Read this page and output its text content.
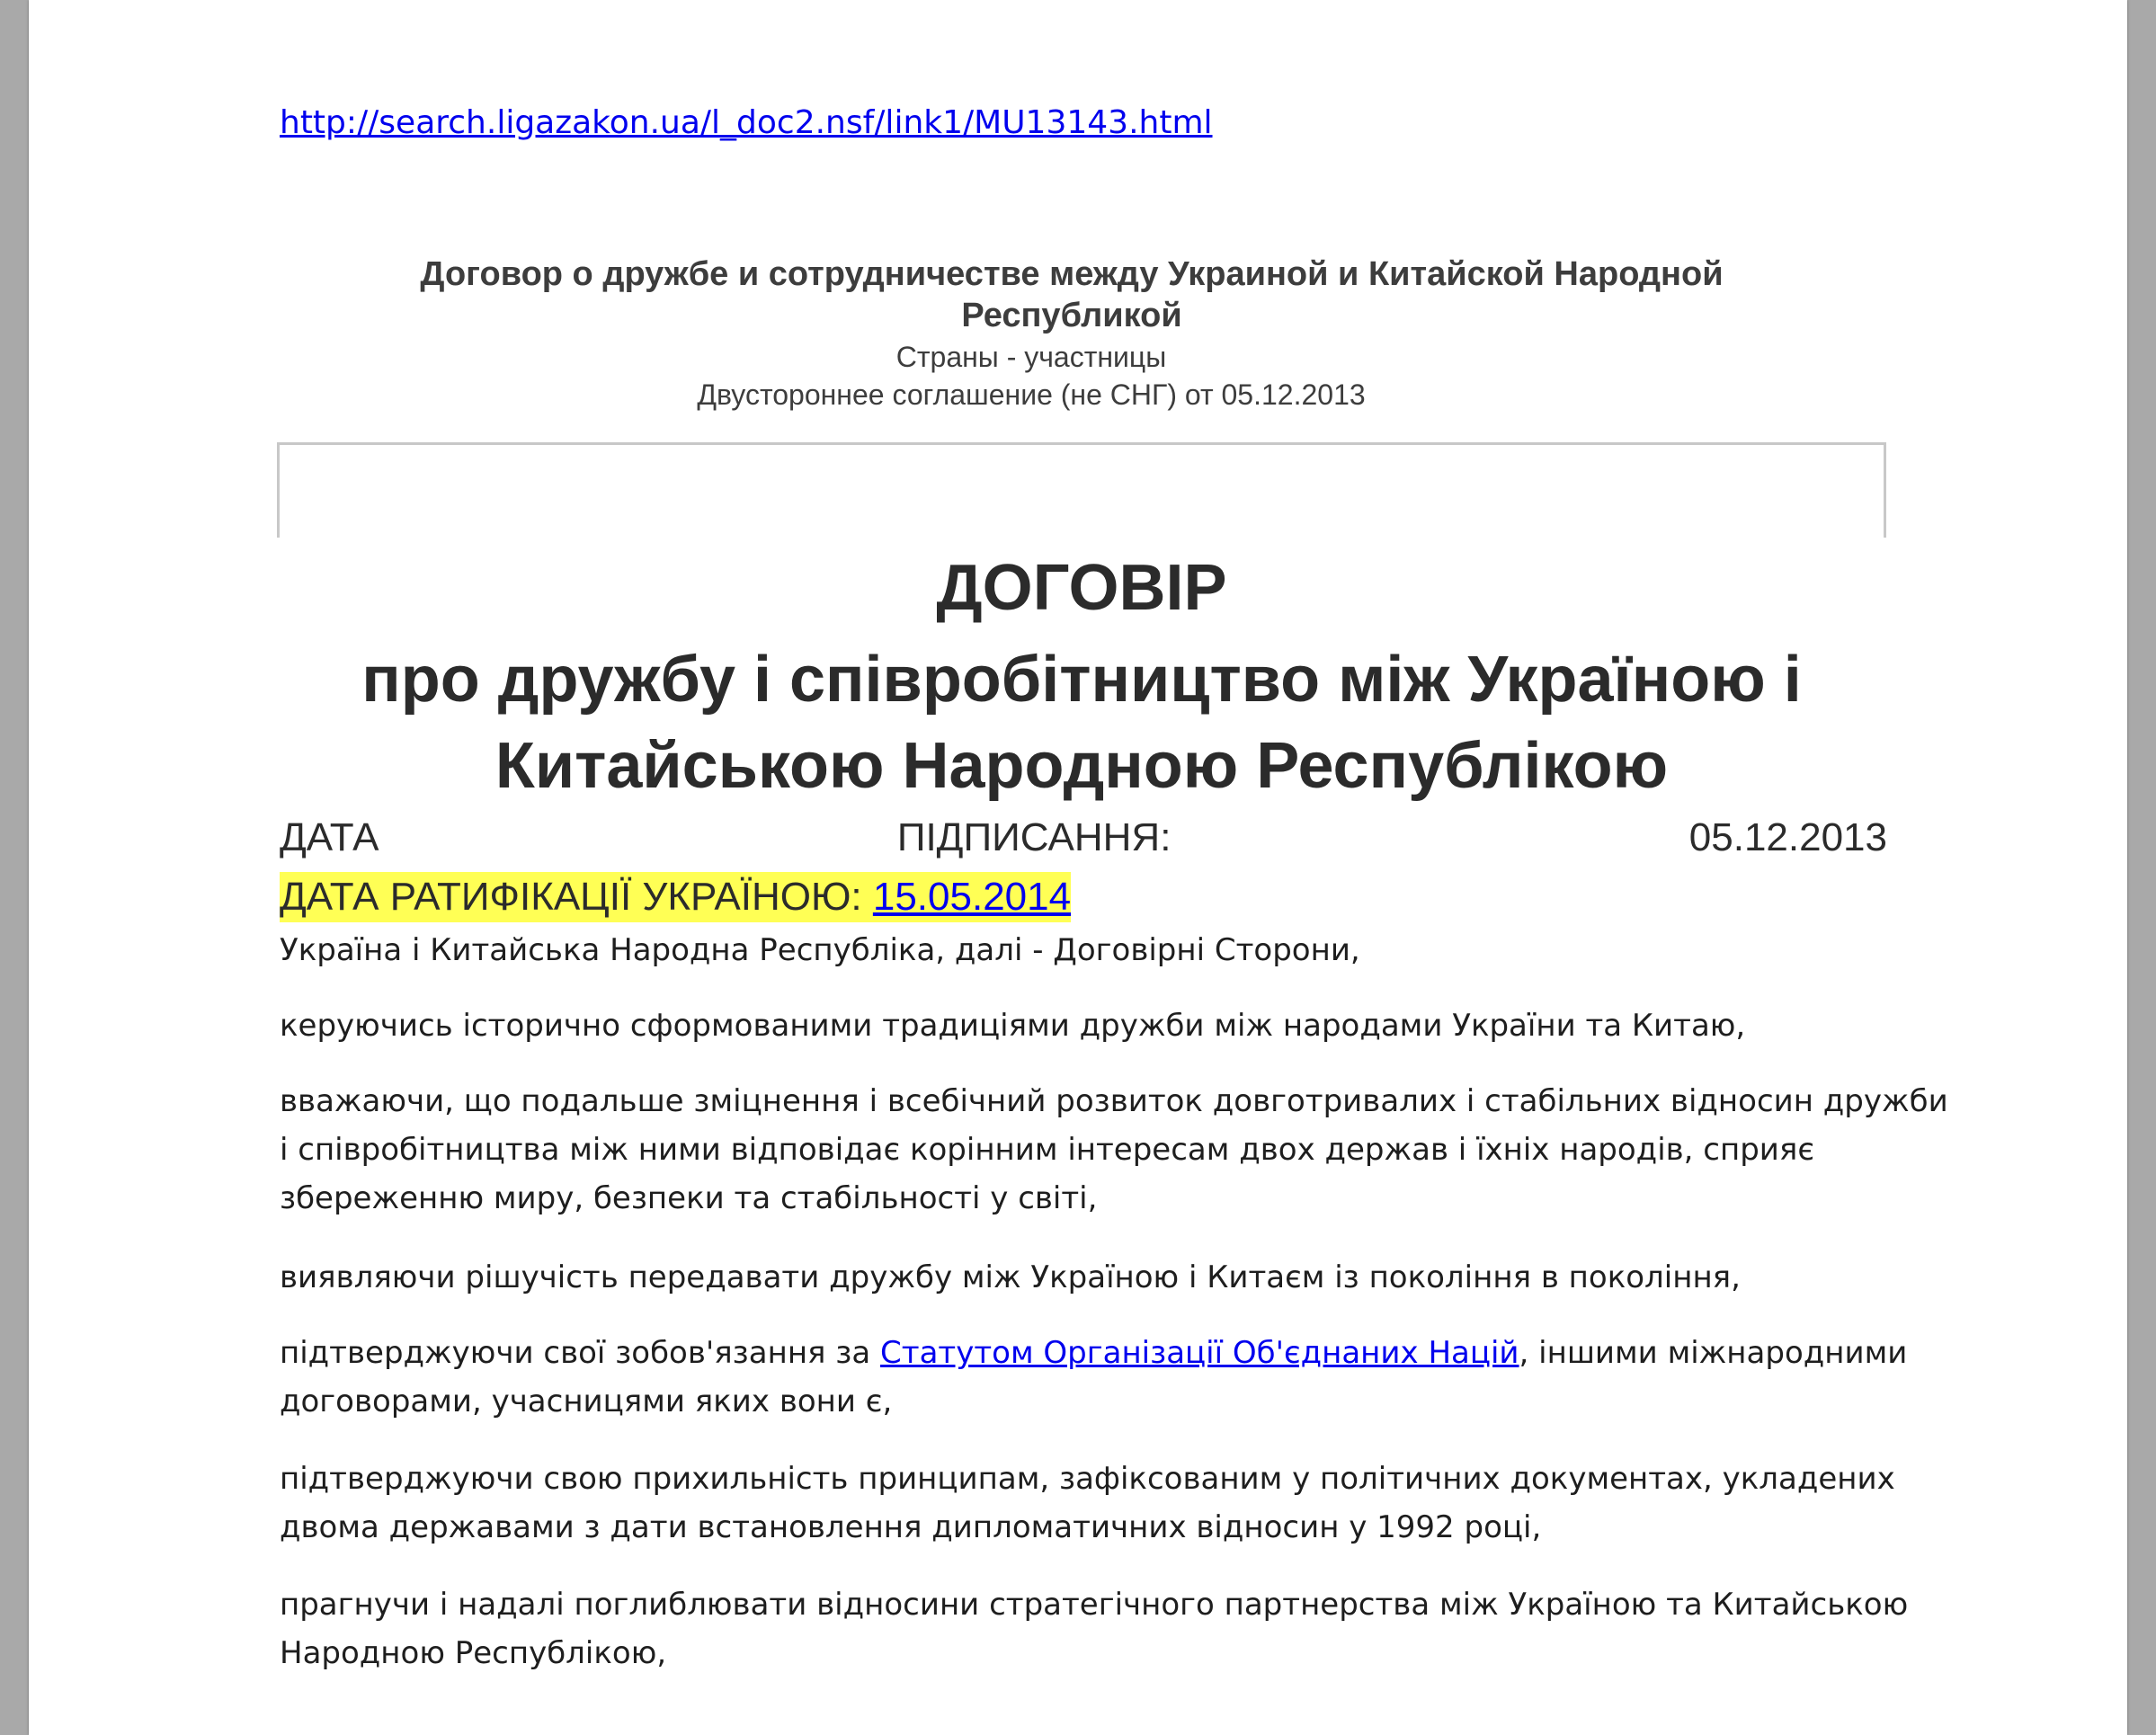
http://search.ligazakon.ua/l_doc2.nsf/link1/MU13143.html
Договор о дружбе и сотрудничестве между Украиной и Китайской Народной Республикой
Страны - участницы
Двустороннее соглашение (не СНГ) от 05.12.2013
ДОГОВІР
про дружбу і співробітництво між Україною і
Китайською Народною Республікою
ДАТА	ПІДПИСАННЯ:	05.12.2013
ДАТА РАТИФІКАЦІЇ УКРАЇНОЮ: 15.05.2014

Україна і Китайська Народна Республіка, далі - Договірні Сторони,

керуючись історично сформованими традиціями дружби між народами України та Китаю,

вважаючи, що подальше зміцнення і всебічний розвиток довготривалих і стабільних відносин дружби і співробітництва між ними відповідає корінним інтересам двох держав і їхніх народів, сприяє збереженню миру, безпеки та стабільності у світі,

виявляючи рішучість передавати дружбу між Україною і Китаєм із покоління в покоління,

підтверджуючи свої зобов'язання за Статутом Організації Об'єднаних Націй, іншими міжнародними договорами, учасницями яких вони є,

підтверджуючи свою прихильність принципам, зафіксованим у політичних документах, укладених двома державами з дати встановлення дипломатичних відносин у 1992 році,

прагнучи і надалі поглиблювати відносини стратегічного партнерства між Україною та Китайською Народною Республікою,
